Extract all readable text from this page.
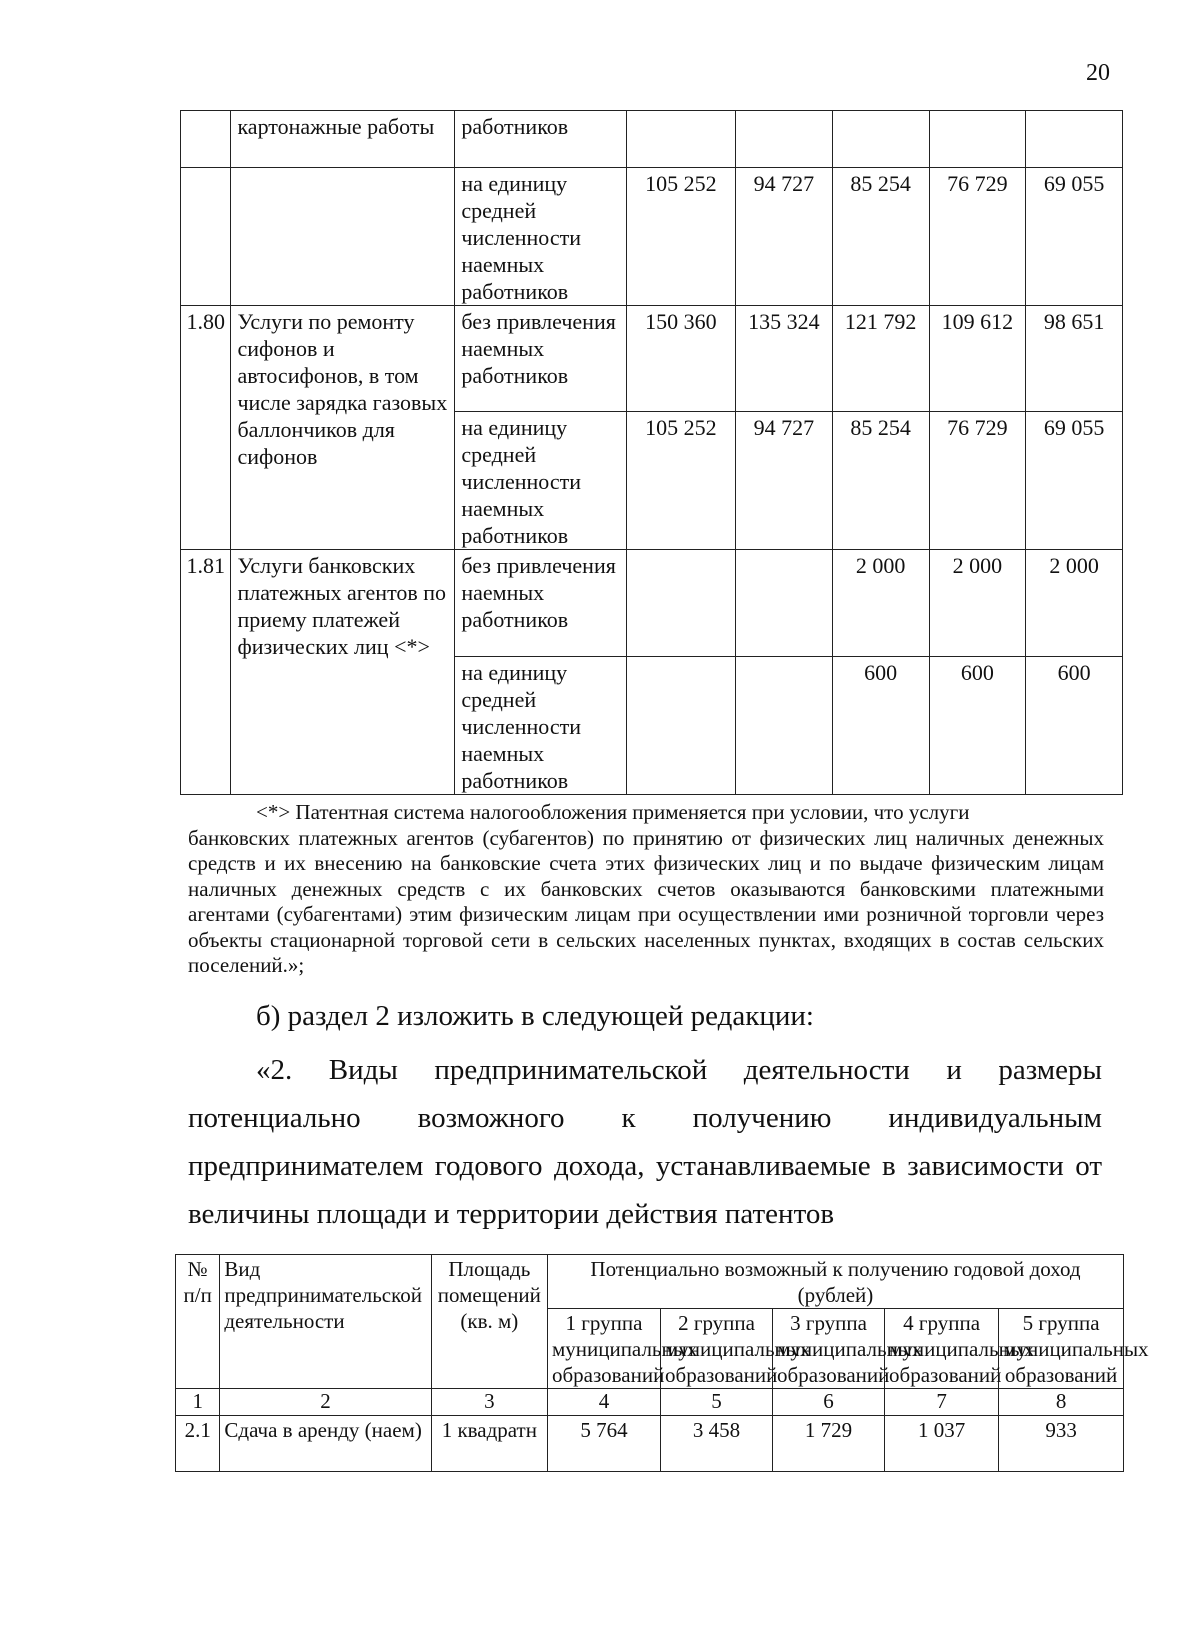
20
	картонажные работы	работников					
		на единицу средней численности наемных работников	105 252	94 727	85 254	76 729	69 055
1.80	Услуги по ремонту сифонов и автосифонов, в том числе зарядка газовых баллончиков для сифонов	без привлечения наемных работников	150 360	135 324	121 792	109 612	98 651
		на единицу средней численности наемных работников	105 252	94 727	85 254	76 729	69 055
1.81	Услуги банковских платежных агентов по приему платежей физических лиц <*>	без привлечения наемных работников			2 000	2 000	2 000
		на единицу средней численности наемных работников			600	600	600
<*> Патентная система налогообложения применяется при условии, что услуги
банковских платежных агентов (субагентов) по принятию от физических лиц наличных денежных средств и их внесению на банковские счета этих физических лиц и по выдаче физическим лицам наличных денежных средств с их банковских счетов оказываются банковскими платежными агентами (субагентами) этим физическим лицам при осуществлении ими розничной торговли через объекты стационарной торговой сети в сельских населенных пунктах, входящих в состав сельских поселений.»;
б) раздел 2 изложить в следующей редакции:
«2. Виды предпринимательской деятельности и размеры потенциально возможного к получению индивидуальным предпринимателем годового дохода, устанавливаемые в зависимости от величины площади и территории действия патентов
№ п/п	Вид предпринимательской деятельности	Площадь помещений (кв. м)	Потенциально возможный к получению годовой доход (рублей)				
			1 группа муниципальных образований	2 группа муниципальных образований	3 группа муниципальных образований	4 группа муниципальных образований	5 группа муниципальных образований
1	2	3	4	5	6	7	8
2.1	Сдача в аренду (наем)	1 квадратн	5 764	3 458	1 729	1 037	933
